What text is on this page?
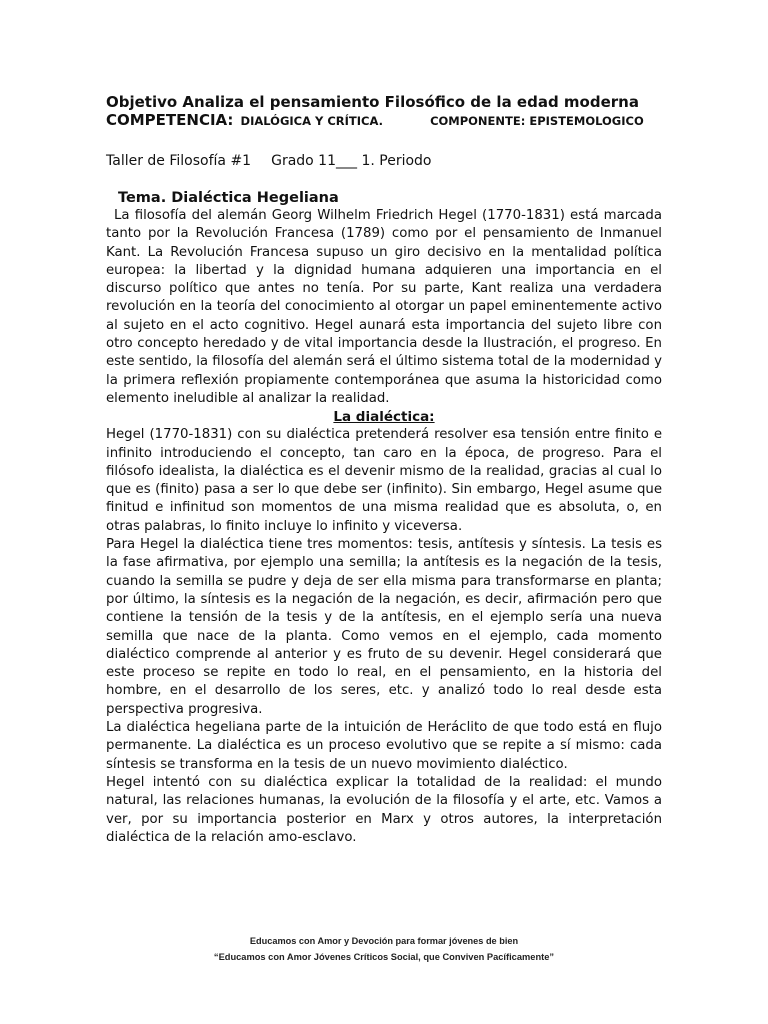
Objetivo Analiza el pensamiento Filosófico de la edad moderna

COMPETENCIA: DIALÓGICA Y CRÍTICA.	COMPONENTE: EPISTEMOLOGICO

Taller de Filosofía #1 Grado 11___ 1. Periodo

Tema. Dialéctica Hegeliana

La filosofía del alemán Georg Wilhelm Friedrich Hegel (1770-1831) está marcada tanto por la Revolución Francesa (1789) como por el pensamiento de Inmanuel Kant. La Revolución Francesa supuso un giro decisivo en la mentalidad política europea: la libertad y la dignidad humana adquieren una importancia en el discurso político que antes no tenía. Por su parte, Kant realiza una verdadera revolución en la teoría del conocimiento al otorgar un papel eminentemente activo al sujeto en el acto cognitivo. Hegel aunará esta importancia del sujeto libre con otro concepto heredado y de vital importancia desde la Ilustración, el progreso. En este sentido, la filosofía del alemán será el último sistema total de la modernidad y la primera reflexión propiamente contemporánea que asuma la historicidad como elemento ineludible al analizar la realidad.

La dialéctica:

Hegel (1770-1831) con su dialéctica pretenderá resolver esa tensión entre finito e infinito introduciendo el concepto, tan caro en la época, de progreso. Para el filósofo idealista, la dialéctica es el devenir mismo de la realidad, gracias al cual lo que es (finito) pasa a ser lo que debe ser (infinito). Sin embargo, Hegel asume que finitud e infinitud son momentos de una misma realidad que es absoluta, o, en otras palabras, lo finito incluye lo infinito y viceversa.

Para Hegel la dialéctica tiene tres momentos: tesis, antítesis y síntesis. La tesis es la fase afirmativa, por ejemplo una semilla; la antítesis es la negación de la tesis, cuando la semilla se pudre y deja de ser ella misma para transformarse en planta; por último, la síntesis es la negación de la negación, es decir, afirmación pero que contiene la tensión de la tesis y de la antítesis, en el ejemplo sería una nueva semilla que nace de la planta. Como vemos en el ejemplo, cada momento dialéctico comprende al anterior y es fruto de su devenir. Hegel considerará que este proceso se repite en todo lo real, en el pensamiento, en la historia del hombre, en el desarrollo de los seres, etc. y analizó todo lo real desde esta perspectiva progresiva.

La dialéctica hegeliana parte de la intuición de Heráclito de que todo está en flujo permanente. La dialéctica es un proceso evolutivo que se repite a sí mismo: cada síntesis se transforma en la tesis de un nuevo movimiento dialéctico.

Hegel intentó con su dialéctica explicar la totalidad de la realidad: el mundo natural, las relaciones humanas, la evolución de la filosofía y el arte, etc. Vamos a ver, por su importancia posterior en Marx y otros autores, la interpretación dialéctica de la relación amo-esclavo.

Educamos con Amor y Devoción para formar jóvenes de bien
“Educamos con Amor Jóvenes Críticos Social, que Conviven Pacíficamente”
